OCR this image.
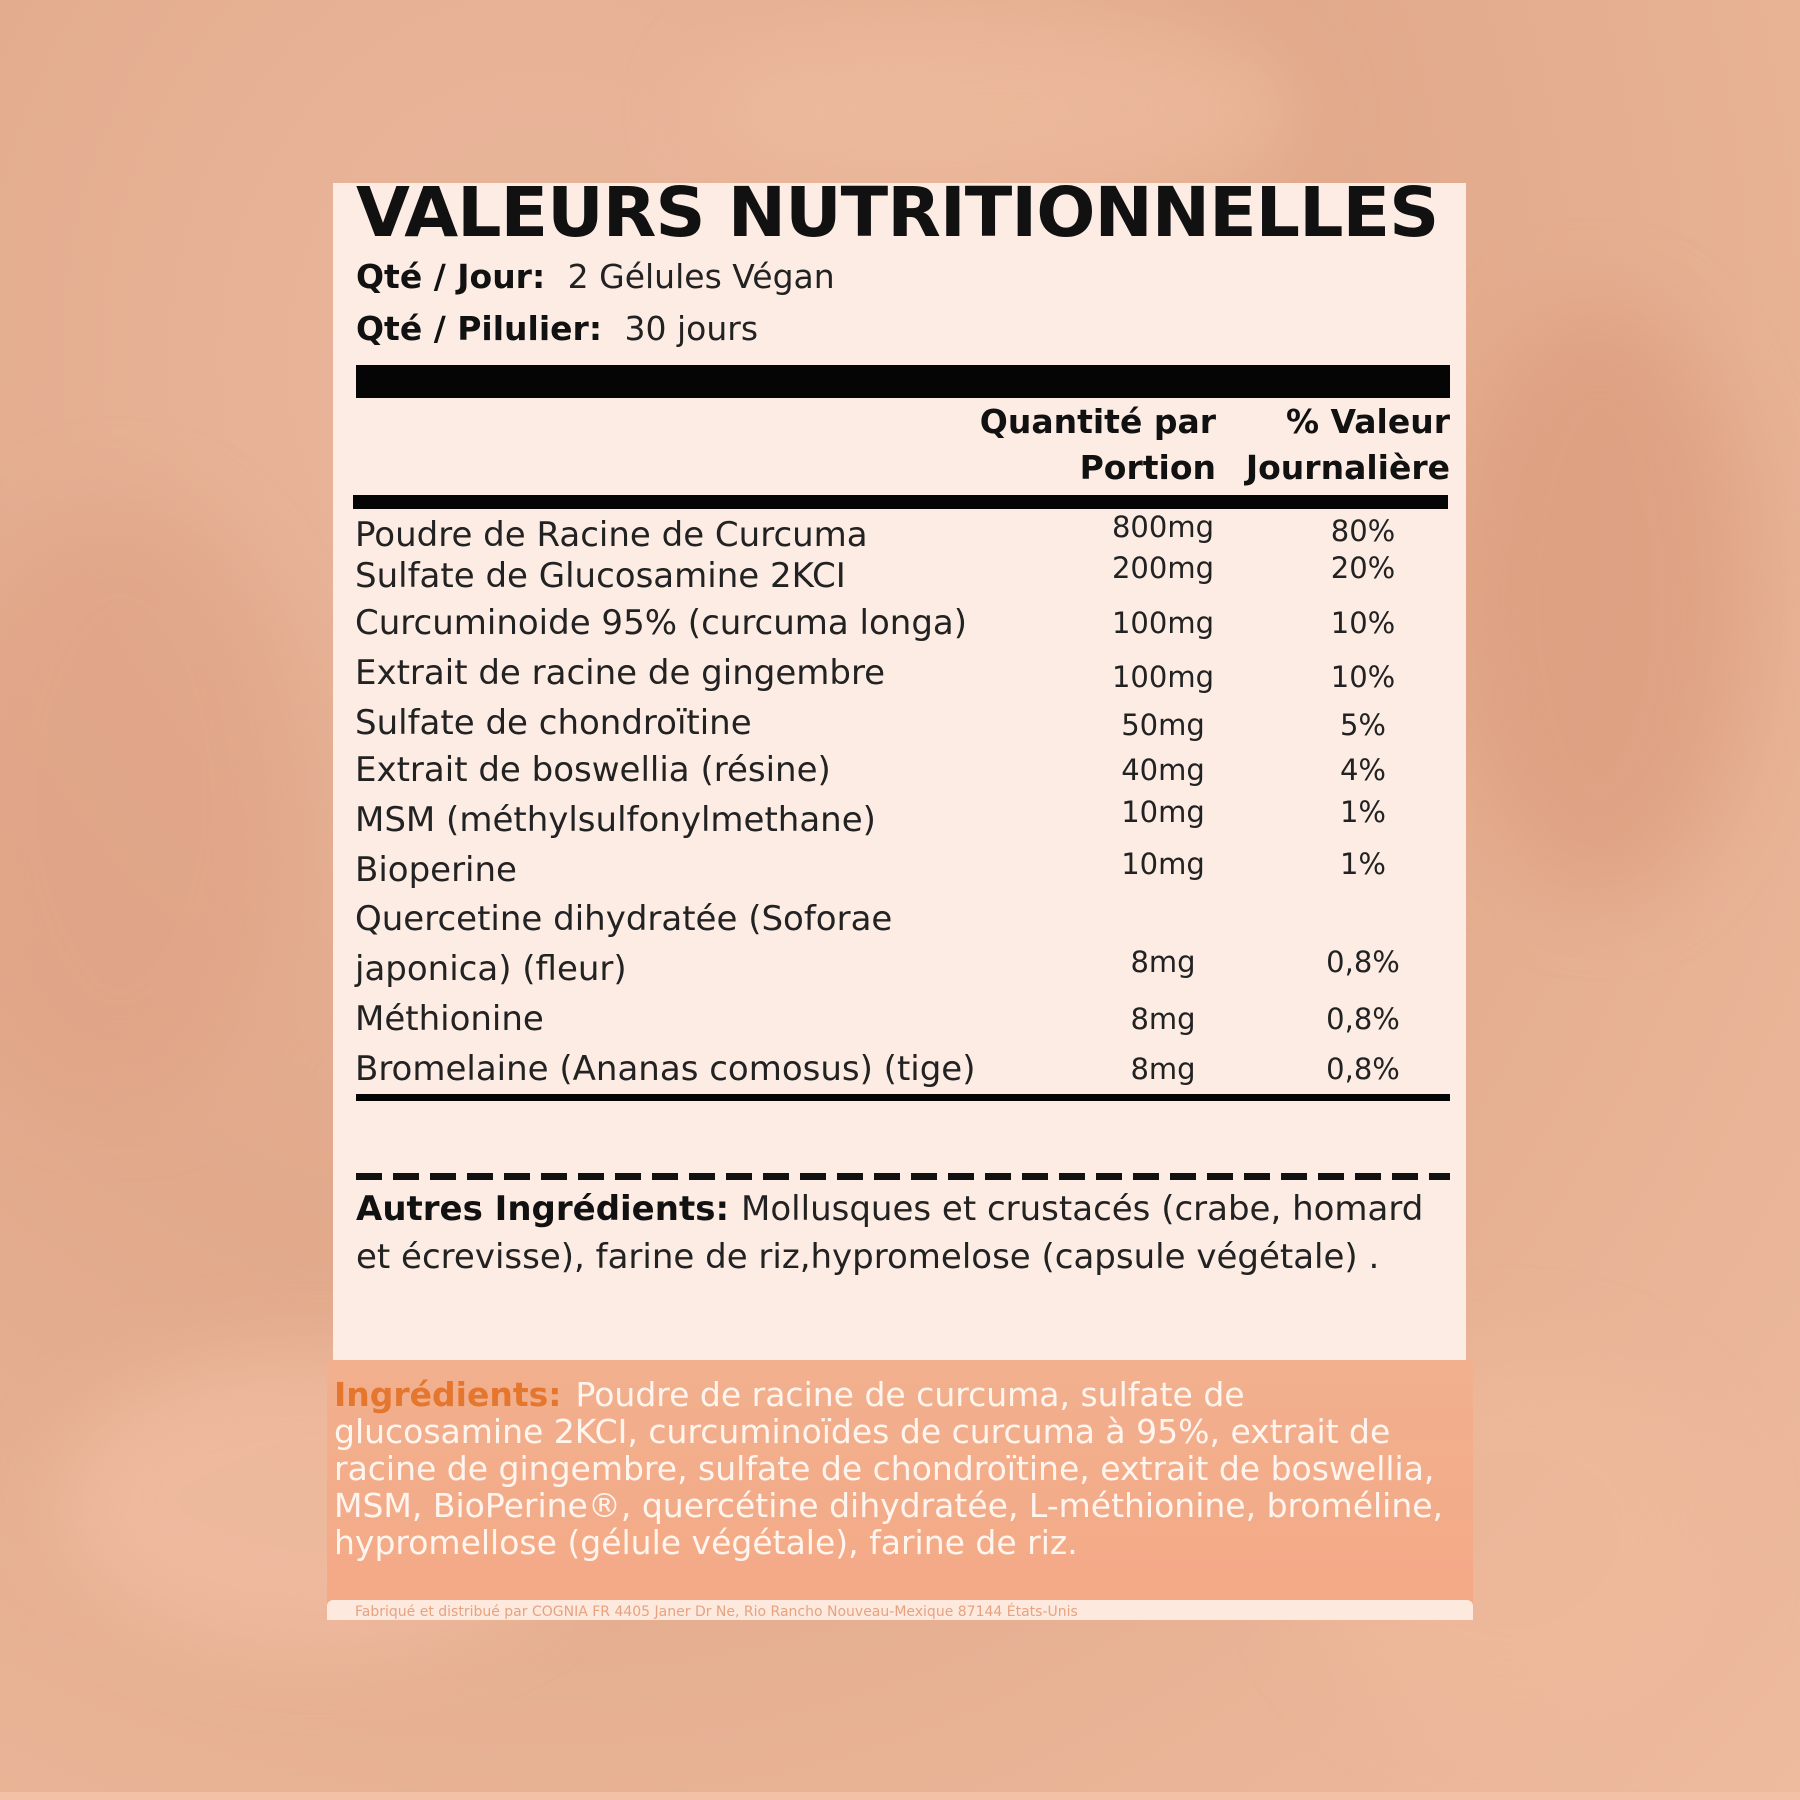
VALEURS NUTRITIONNELLES
Qté / Jour: 2 Gélules Végan
Qté / Pilulier: 30 jours
Quantité par
Portion
% Valeur
Journalière
Poudre de Racine de Curcuma	800mg	80%
Sulfate de Glucosamine 2KCI	200mg	20%
Curcuminoide 95% (curcuma longa)	100mg	10%
Extrait de racine de gingembre	100mg	10%
Sulfate de chondroïtine	50mg	5%
Extrait de boswellia (résine)	40mg	4%
MSM (méthylsulfonylmethane)	10mg	1%
Bioperine	10mg	1%
Quercetine dihydratée (Soforae
japonica) (fleur)	8mg	0,8%
Méthionine	8mg	0,8%
Bromelaine (Ananas comosus) (tige)	8mg	0,8%
Autres Ingrédients: Mollusques et crustacés (crabe, homard et écrevisse), farine de riz,hypromelose (capsule végétale) .
Ingrédients: Poudre de racine de curcuma, sulfate de glucosamine 2KCI, curcuminoïdes de curcuma à 95%, extrait de racine de gingembre, sulfate de chondroïtine, extrait de boswellia, MSM, BioPerine®, quercétine dihydratée, L-méthionine, broméline, hypromellose (gélule végétale), farine de riz.
Fabriqué et distribué par COGNIA FR 4405 Janer Dr Ne, Rio Rancho Nouveau-Mexique 87144 États-Unis
